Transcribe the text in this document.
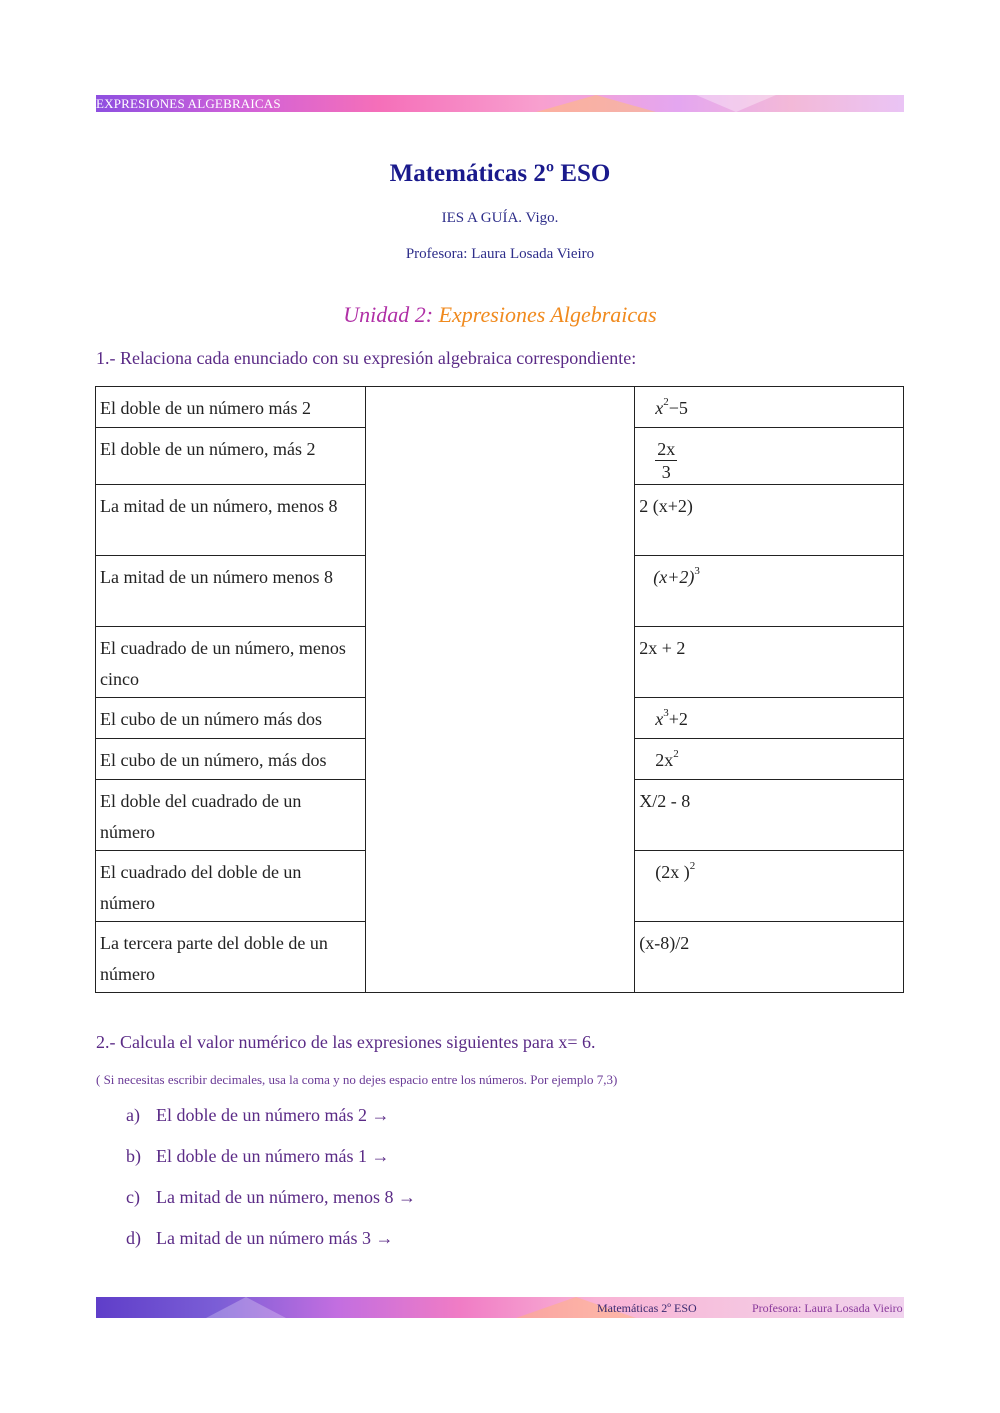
EXPRESIONES ALGEBRAICAS
Matemáticas 2º ESO
IES A GUÍA. Vigo.
Profesora: Laura Losada Vieiro
Unidad 2: Expresiones Algebraicas
1.- Relaciona cada enunciado con su expresión algebraica correspondiente:
El doble de un número más 2		$x^2-5$
El doble de un número, más 2		$\frac{2x}{3}$

La mitad de un número, menos 8		2 (x+2)
La mitad de un número menos 8		$(x+2)^3$
El cuadrado de un número, menos cinco		2x + 2
El cubo de un número más dos		$x^3+2$
El cubo de un número, más dos		$2x^2$
El doble del cuadrado de un número		X/2 - 8
El cuadrado del doble de un número		(2x )$^2$
La tercera parte del doble de un número		(x-8)/2
2.- Calcula el valor numérico de las expresiones siguientes para x= 6.
( Si necesitas escribir decimales, usa la coma y no dejes espacio entre los números. Por ejemplo 7,3)
a) El doble de un número más 2 →
b) El doble de un número más 1 →
c) La mitad de un número, menos 8 →
d) La mitad de un número más 3 →
Matemáticas 2º ESO	Profesora: Laura Losada Vieiro
